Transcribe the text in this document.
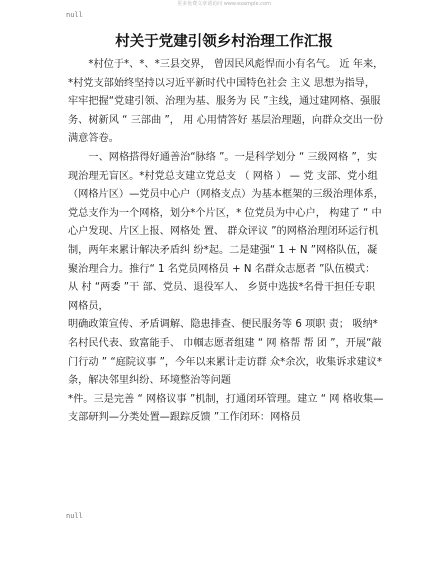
更多免费文章请访问 www.example.com
null
村关于党建引领乡村治理工作汇报

*村位于*、*、*三县交界， 曾因民风彪悍而小有名气。 近 年来， *村党支部始终坚持以习近平新时代中国特色社会 主义 思想为指导，牢牢把握“党建引领、治理为基、服务为 民 ”主线，通过建网格、强服务、树新风 “ 三部曲 ”， 用 心用情答好 基层治理题，向群众交出一份满意答卷。

一、网格搭得好通善治“脉络 ”。一是科学划分 “ 三级网格 ”，实现治理无盲区。*村党总支建立党总支 （ 网格 ） — 党 支部、党小组（网格片区）—党员中心户（网格支点）为基本框架的三级治理体系，党总支作为一个网格，划分*个片区，* 位党员为中心户， 构建了 “ 中心户发现、片区上报、网格处 置、 群众评议 ”的网格治理闭环运行机制，两年来累计解决矛盾纠 纷*起。二是建强“ 1 + N ”网格队伍，凝聚治理合力。推行“ 1 名党员网格员 + N 名群众志愿者 ”队伍模式：从 村 “两委 ”干 部、党员、退役军人、 乡贤中选拔*名骨干担任专职网格员，

明确政策宣传、矛盾调解、隐患排查、便民服务等 6 项职 责； 吸纳*名村民代表、致富能手、 巾帼志愿者组建 “ 网 格帮 帮 团 ”，开展“敲门行动 ” “庭院议事 ”，今年以来累计走访群 众*余次，收集诉求建议*条，解决邻里纠纷、环境整治等问题

*件。三是完善 “ 网格议事 ”机制，打通闭环管理。建立 “ 网 格收集—支部研判—分类处置—跟踪反馈 ”工作闭环：网格员

null
